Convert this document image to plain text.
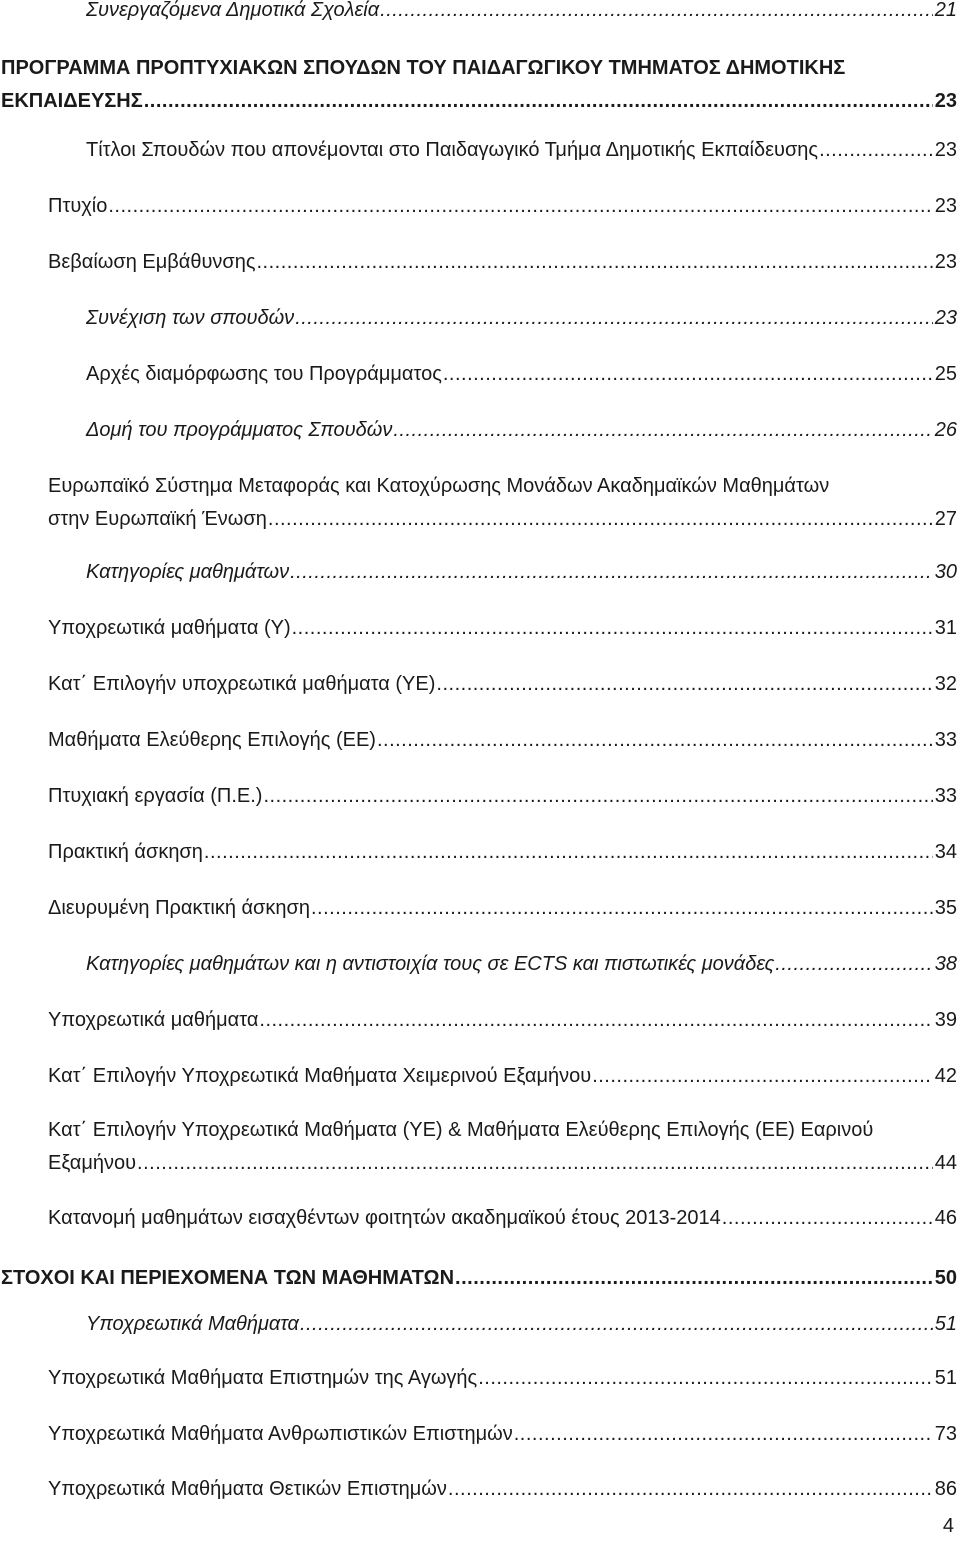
Συνεργαζόμενα Δημοτικά Σχολεία .....	21
ΠΡΟΓΡΑΜΜΑ ΠΡΟΠΤΥΧΙΑΚΩΝ ΣΠΟΥΔΩΝ ΤΟΥ ΠΑΙΔΑΓΩΓΙΚΟΥ ΤΜΗΜΑΤΟΣ ΔΗΜΟΤΙΚΗΣ
ΕΚΠΑΙΔΕΥΣΗΣ .....	23
Τίτλοι Σπουδών που απονέμονται στο Παιδαγωγικό Τμήμα Δημοτικής Εκπαίδευσης .....	23
Πτυχίο .....	23
Βεβαίωση Εμβάθυνσης .....	23
Συνέχιση των σπουδών .....	23
Αρχές διαμόρφωσης του Προγράμματος .....	25
Δομή του προγράμματος Σπουδών .....	26
Ευρωπαϊκό Σύστημα Μεταφοράς και Κατοχύρωσης Μονάδων Ακαδημαϊκών Μαθημάτων
στην Ευρωπαϊκή Ένωση .....	27
Κατηγορίες μαθημάτων .....	30
Υποχρεωτικά μαθήματα (Υ) .....	31
Κατ΄ Επιλογήν υποχρεωτικά μαθήματα (ΥΕ) .....	32
Μαθήματα Ελεύθερης Επιλογής (ΕΕ) .....	33
Πτυχιακή εργασία (Π.Ε.) .....	33
Πρακτική άσκηση .....	34
Διευρυμένη Πρακτική άσκηση .....	35
Κατηγορίες μαθημάτων και η αντιστοιχία τους σε ECTS και πιστωτικές μονάδες .....	38
Υποχρεωτικά μαθήματα .....	39
Κατ΄ Επιλογήν Υποχρεωτικά Μαθήματα Χειμερινού Εξαμήνου .....	42
Κατ΄ Επιλογήν Υποχρεωτικά Μαθήματα (ΥΕ) & Μαθήματα Ελεύθερης Επιλογής (ΕΕ) Εαρινού
Εξαμήνου .....	44
Κατανομή μαθημάτων εισαχθέντων φοιτητών ακαδημαϊκού έτους 2013-2014 .....	46
ΣΤΟΧΟΙ ΚΑΙ ΠΕΡΙΕΧΟΜΕΝΑ ΤΩΝ ΜΑΘΗΜΑΤΩΝ .....	50
Υποχρεωτικά Μαθήματα .....	51
Υποχρεωτικά Μαθήματα Επιστημών της Αγωγής .....	51
Υποχρεωτικά Μαθήματα Ανθρωπιστικών Επιστημών .....	73
Υποχρεωτικά Μαθήματα Θετικών Επιστημών .....	86
4
